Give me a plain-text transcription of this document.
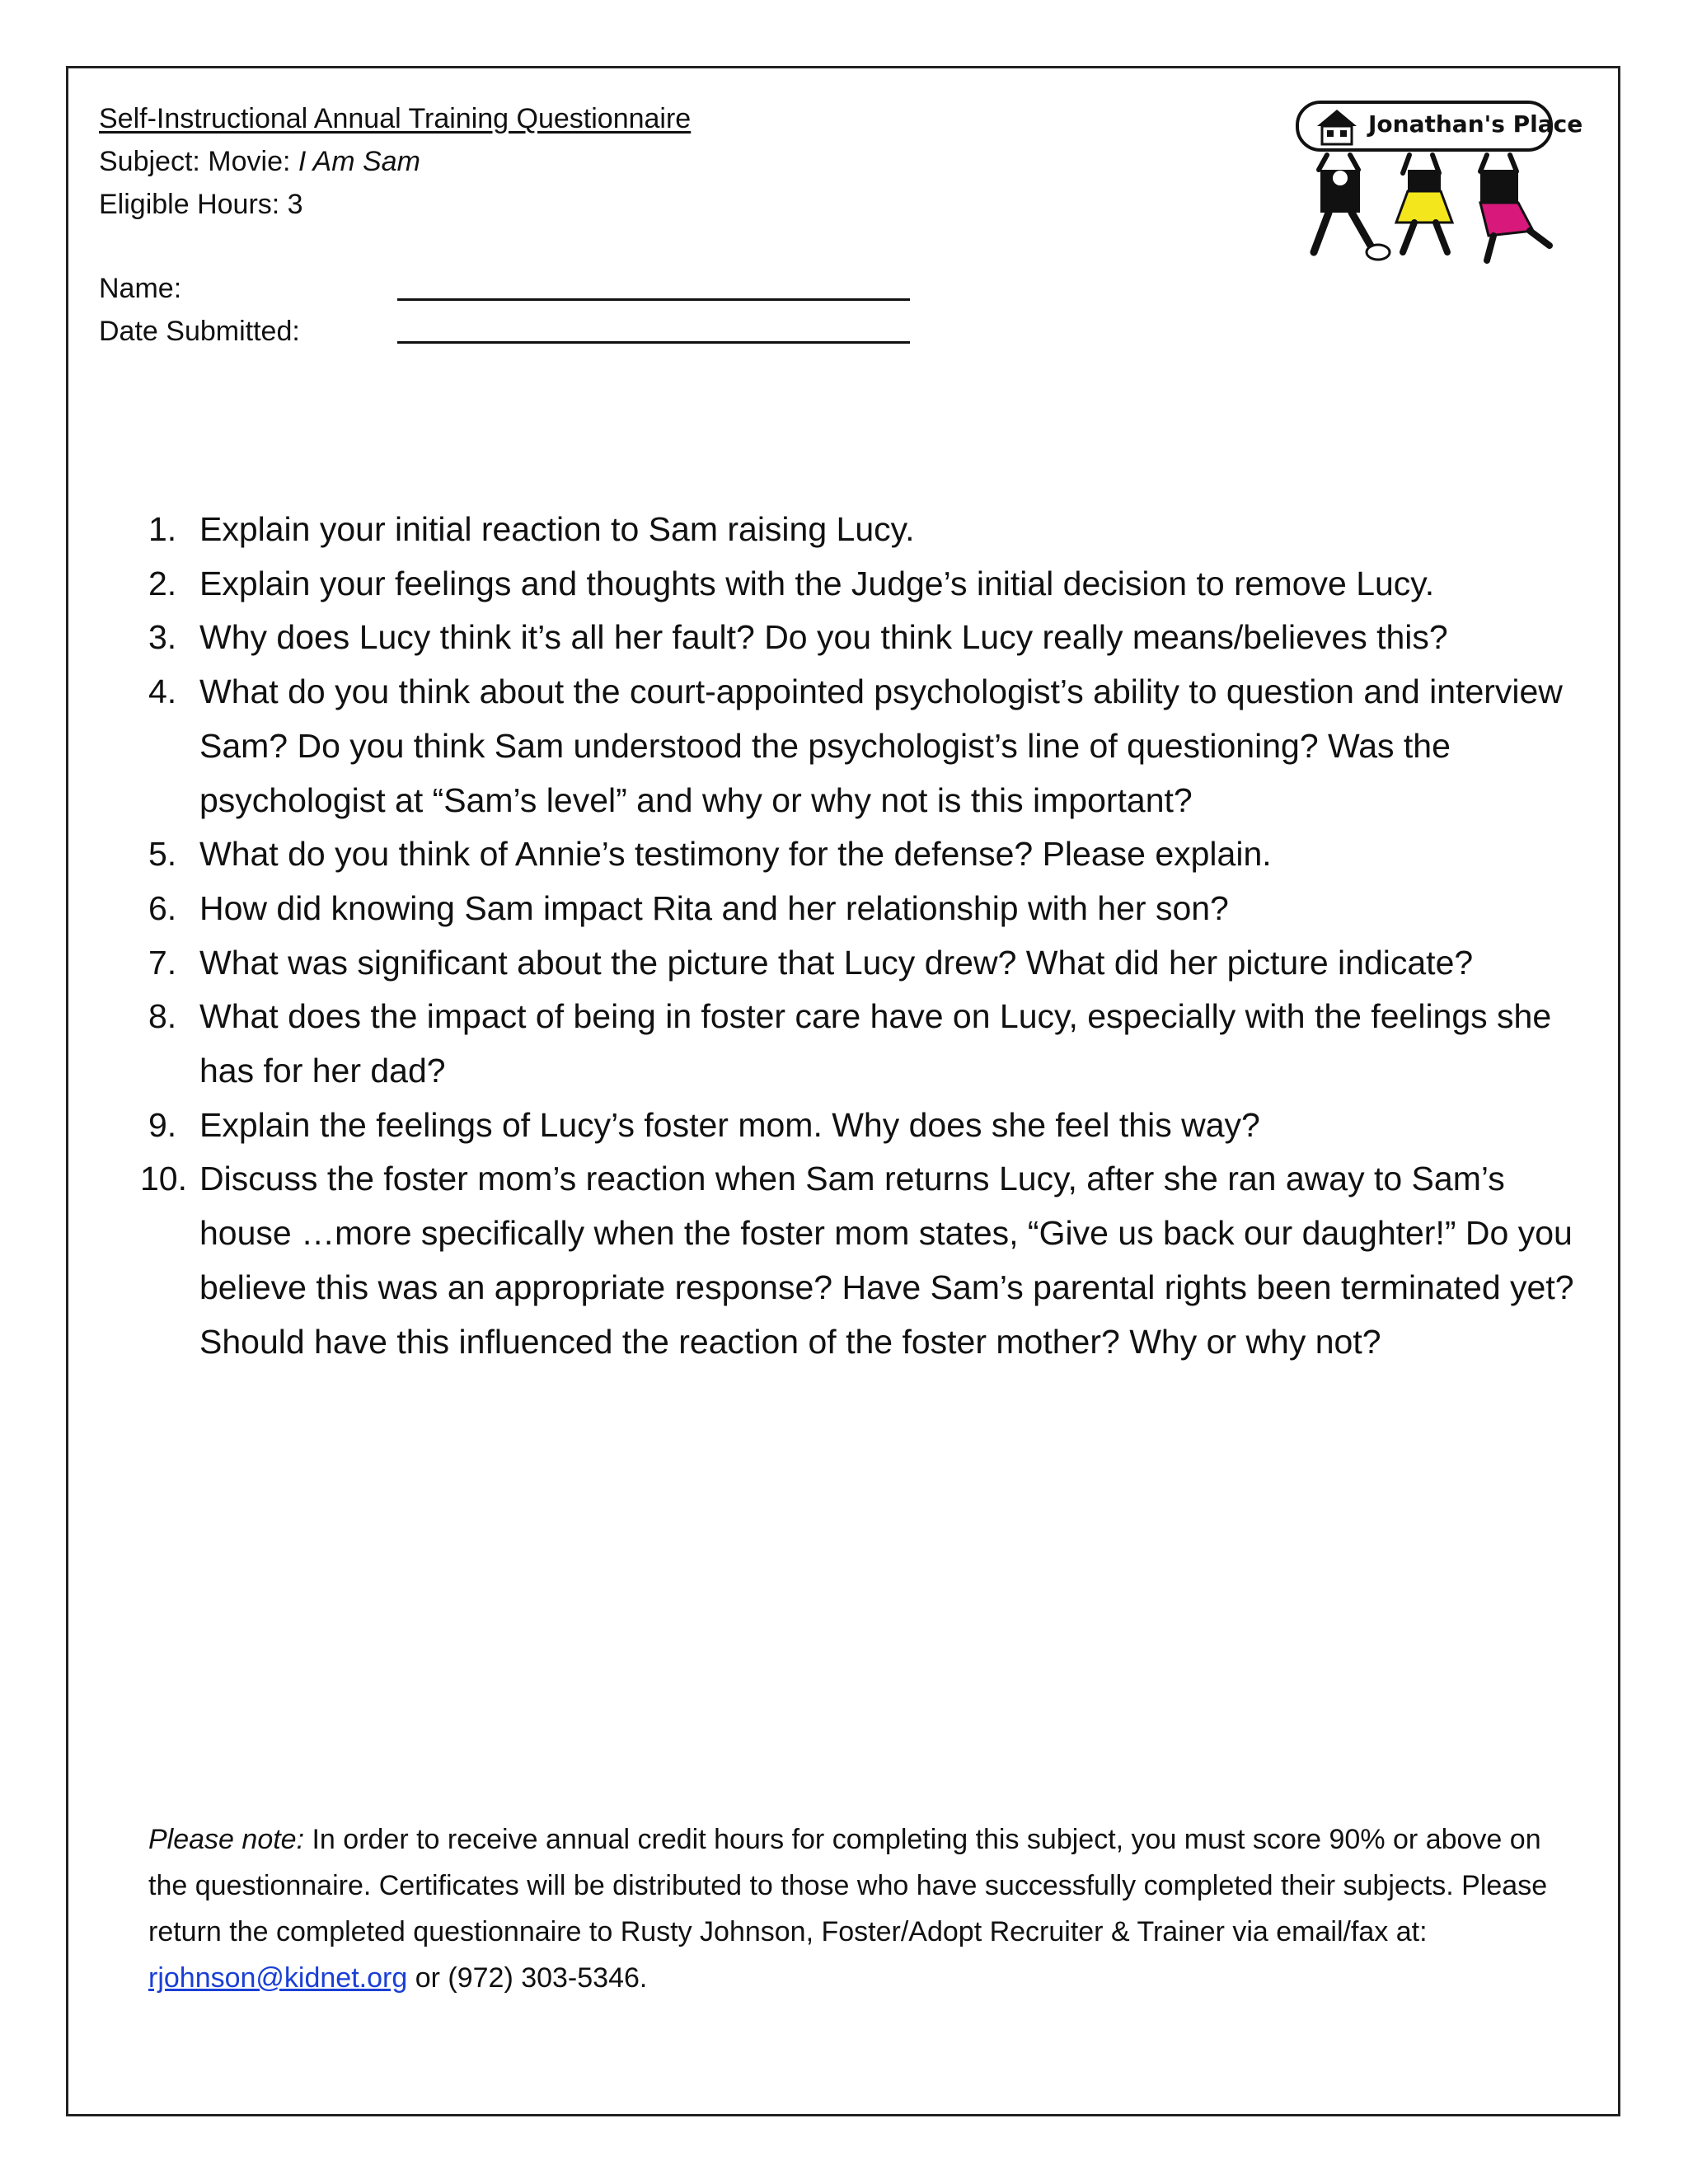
Self-Instructional Annual Training Questionnaire
Subject: Movie: I Am Sam
Eligible Hours: 3
Name:
Date Submitted:
Jonathan's Place
1. Explain your initial reaction to Sam raising Lucy.
2. Explain your feelings and thoughts with the Judge’s initial decision to remove Lucy.
3. Why does Lucy think it’s all her fault? Do you think Lucy really means/believes this?
4. What do you think about the court-appointed psychologist’s ability to question and interview Sam? Do you think Sam understood the psychologist’s line of questioning? Was the psychologist at “Sam’s level” and why or why not is this important?
5. What do you think of Annie’s testimony for the defense? Please explain.
6. How did knowing Sam impact Rita and her relationship with her son?
7. What was significant about the picture that Lucy drew? What did her picture indicate?
8. What does the impact of being in foster care have on Lucy, especially with the feelings she has for her dad?
9. Explain the feelings of Lucy’s foster mom. Why does she feel this way?
10. Discuss the foster mom’s reaction when Sam returns Lucy, after she ran away to Sam’s house …more specifically when the foster mom states, “Give us back our daughter!” Do you believe this was an appropriate response? Have Sam’s parental rights been terminated yet? Should have this influenced the reaction of the foster mother? Why or why not?
Please note: In order to receive annual credit hours for completing this subject, you must score 90% or above on the questionnaire. Certificates will be distributed to those who have successfully completed their subjects. Please return the completed questionnaire to Rusty Johnson, Foster/Adopt Recruiter & Trainer via email/fax at: rjohnson@kidnet.org or (972) 303-5346.
